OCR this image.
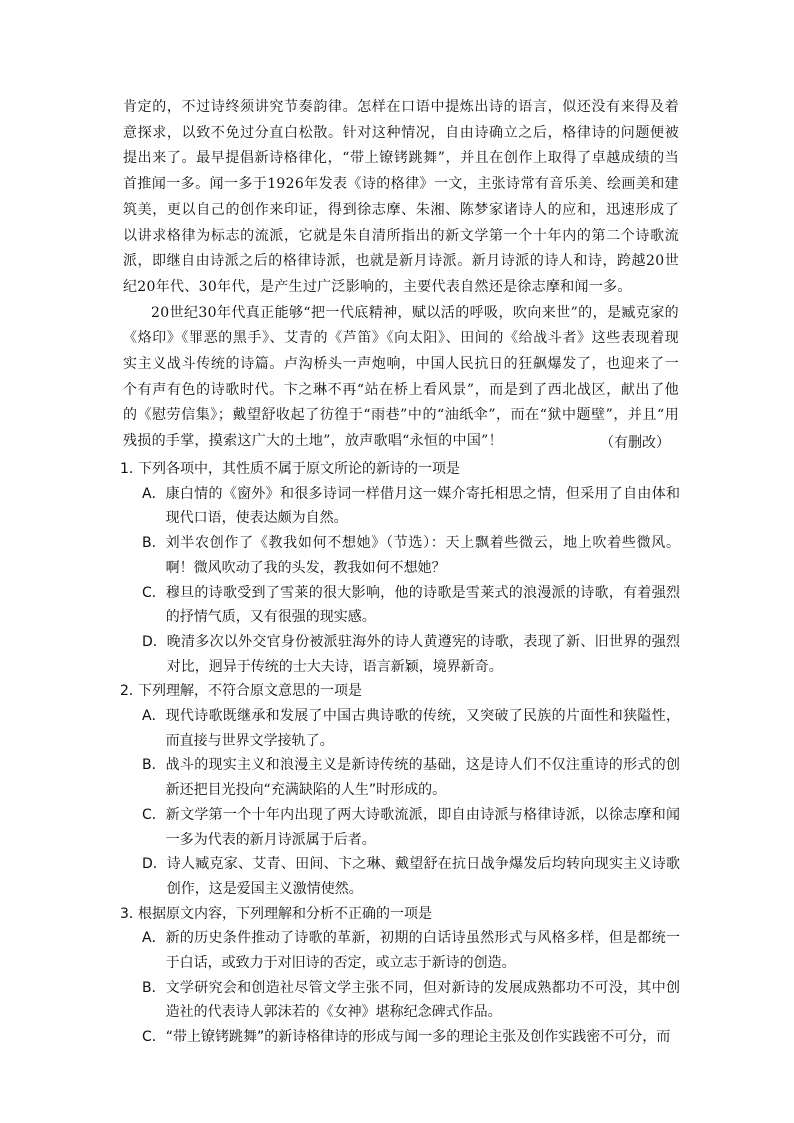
肯定的，不过诗终须讲究节奏韵律。怎样在口语中提炼出诗的语言，似还没有来得及着意探求，以致不免过分直白松散。针对这种情况，自由诗确立之后，格律诗的问题便被提出来了。最早提倡新诗格律化，“带上镣铐跳舞”，并且在创作上取得了卓越成绩的当首推闻一多。闻一多于1926年发表《诗的格律》一文，主张诗常有音乐美、绘画美和建筑美，更以自己的创作来印证，得到徐志摩、朱湘、陈梦家诸诗人的应和，迅速形成了以讲求格律为标志的流派，它就是朱自清所指出的新文学第一个十年内的第二个诗歌流派，即继自由诗派之后的格律诗派，也就是新月诗派。新月诗派的诗人和诗，跨越20世纪20年代、30年代，是产生过广泛影响的，主要代表自然还是徐志摩和闻一多。

20世纪30年代真正能够“把一代底精神，赋以活的呼吸，吹向来世”的，是臧克家的《烙印》《罪恶的黑手》、艾青的《芦笛》《向太阳》、田间的《给战斗者》这些表现着现实主义战斗传统的诗篇。卢沟桥头一声炮响，中国人民抗日的狂飙爆发了，也迎来了一个有声有色的诗歌时代。卞之琳不再“站在桥上看风景”，而是到了西北战区，献出了他的《慰劳信集》；戴望舒收起了彷徨于“雨巷”中的“油纸伞”，而在“狱中题壁”，并且“用残损的手掌，摸索这广大的土地”，放声歌唱“永恒的中国”！	（有删改）
1．
下列各项中，其性质不属于原文所论的新诗的一项是
A． 康白情的《窗外》和很多诗词一样借月这一媒介寄托相思之情，但采用了自由体和现代口语，使表达颇为自然。
B． 刘半农创作了《教我如何不想她》（节选）：天上飘着些微云，地上吹着些微风。啊！微风吹动了我的头发，教我如何不想她？
C． 穆旦的诗歌受到了雪莱的很大影响，他的诗歌是雪莱式的浪漫派的诗歌，有着强烈的抒情气质，又有很强的现实感。
D． 晚清多次以外交官身份被派驻海外的诗人黄遵宪的诗歌，表现了新、旧世界的强烈对比，迥异于传统的士大夫诗，语言新颖，境界新奇。
2．
下列理解，不符合原文意思的一项是
A． 现代诗歌既继承和发展了中国古典诗歌的传统，又突破了民族的片面性和狭隘性，而直接与世界文学接轨了。
B． 战斗的现实主义和浪漫主义是新诗传统的基础，这是诗人们不仅注重诗的形式的创新还把目光投向“充满缺陷的人生”时形成的。
C． 新文学第一个十年内出现了两大诗歌流派，即自由诗派与格律诗派，以徐志摩和闻一多为代表的新月诗派属于后者。
D． 诗人臧克家、艾青、田间、卞之琳、戴望舒在抗日战争爆发后均转向现实主义诗歌创作，这是爱国主义激情使然。
3．
根据原文内容，下列理解和分析不正确的一项是
A． 新的历史条件推动了诗歌的革新，初期的白话诗虽然形式与风格多样，但是都统一于白话，或致力于对旧诗的否定，或立志于新诗的创造。
B． 文学研究会和创造社尽管文学主张不同，但对新诗的发展成熟都功不可没，其中创造社的代表诗人郭沫若的《女神》堪称纪念碑式作品。
C． “带上镣铐跳舞”的新诗格律诗的形成与闻一多的理论主张及创作实践密不可分，而
